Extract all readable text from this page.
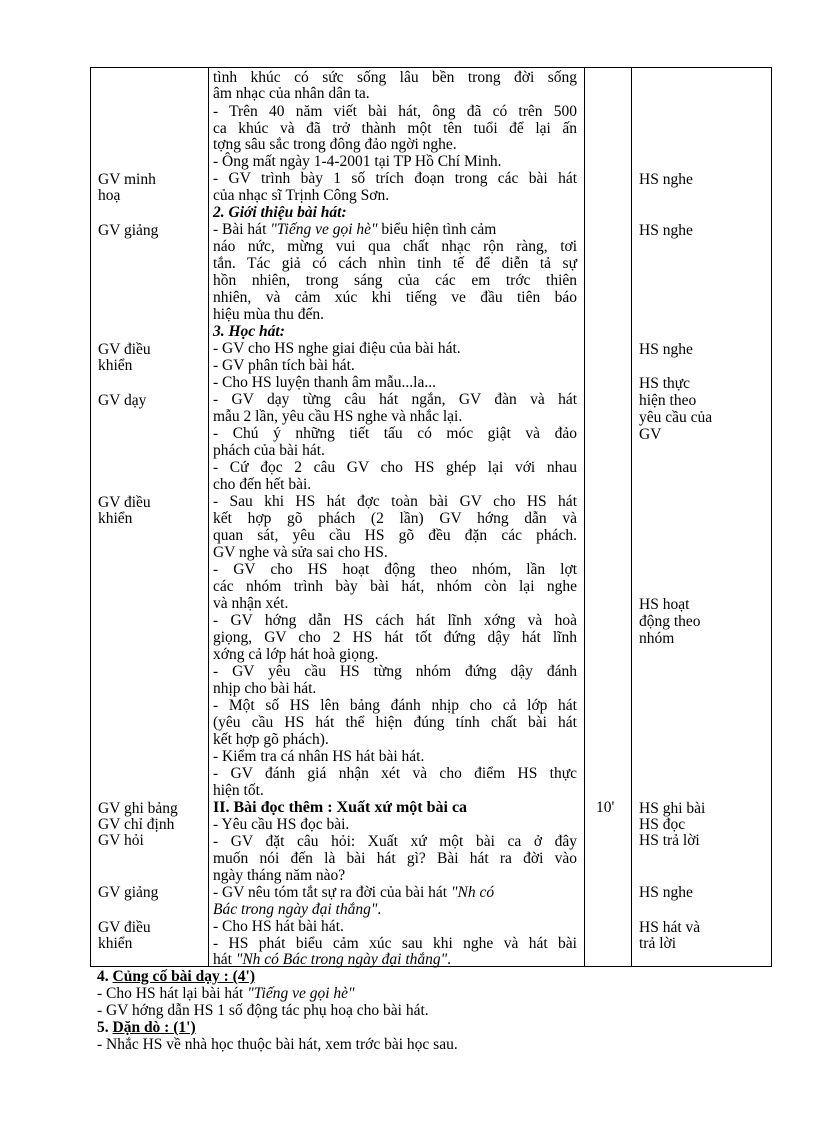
GV minh
hoạ
GV giảng
GV điều
khiển
GV dạy
GV điều
khiển
GV ghi bảng
GV chỉ định
GV hỏi
GV giảng
GV điều
khiển
tình khúc có sức sống lâu bền trong đời sống
âm nhạc của nhân dân ta.
- Trên 40 năm viết bài hát, ông đã có trên 500
ca khúc và đã trở thành một tên tuổi để lại ấn
tợng sâu sắc trong đông đảo ngời nghe.
- Ông mất ngày 1-4-2001 tại TP Hồ Chí Minh.
- GV trình bày 1 số trích đoạn trong các bài hát
của nhạc sĩ Trịnh Công Sơn.
2. Giới thiệu bài hát:
- Bài hát "Tiếng ve gọi hè" biểu hiện tình cảm
náo nức, mừng vui qua chất nhạc rộn ràng, tơi
tắn. Tác giả có cách nhìn tinh tế để diễn tả sự
hồn nhiên, trong sáng của các em trớc thiên
nhiên, và cảm xúc khi tiếng ve đầu tiên báo
hiệu mùa thu đến.
3. Học hát:
- GV cho HS nghe giai điệu của bài hát.
- GV phân tích bài hát.
- Cho HS luyện thanh âm mẫu...la...
- GV dạy từng câu hát ngắn, GV đàn và hát
mẫu 2 lần, yêu cầu HS nghe và nhắc lại.
- Chú ý những tiết tấu có móc giật và đảo
phách của bài hát.
- Cứ đọc 2 câu GV cho HS ghép lại với nhau
cho đến hết bài.
- Sau khi HS hát đợc toàn bài GV cho HS hát
kết hợp gõ phách (2 lần) GV hớng dẫn và
quan sát, yêu cầu HS gõ đều đặn các phách.
GV nghe và sửa sai cho HS.
- GV cho HS hoạt động theo nhóm, lần lợt
các nhóm trình bày bài hát, nhóm còn lại nghe
và nhận xét.
- GV hớng dẫn HS cách hát lĩnh xớng và hoà
giọng, GV cho 2 HS hát tốt đứng dậy hát lĩnh
xớng cả lớp hát hoà giọng.
- GV yêu cầu HS từng nhóm đứng dậy đánh
nhịp cho bài hát.
- Một số HS lên bảng đánh nhịp cho cả lớp hát
(yêu cầu HS hát thể hiện đúng tính chất bài hát
kết hợp gõ phách).
- Kiểm tra cá nhân HS hát bài hát.
- GV đánh giá nhận xét và cho điểm HS thực
hiện tốt.
II. Bài đọc thêm : Xuất xứ một bài ca
- Yêu cầu HS đọc bài.
- GV đặt câu hỏi: Xuất xứ một bài ca ở đây
muốn nói đến là bài hát gì? Bài hát ra đời vào
ngày tháng năm nào?
- GV nêu tóm tắt sự ra đời của bài hát "Nh có
Bác trong ngày đại thắng".
- Cho HS hát bài hát.
- HS phát biểu cảm xúc sau khi nghe và hát bài
hát "Nh có Bác trong ngày đại thắng".
10'
HS nghe
HS nghe
HS nghe
HS thực
hiện theo
yêu cầu của
GV
HS hoạt
động theo
nhóm
HS ghi bài
HS đọc
HS trả lời
HS nghe
HS hát và
trả lời
4. Củng cố bài dạy : (4')
- Cho HS hát lại bài hát "Tiếng ve gọi hè"
- GV hớng dẫn HS 1 số động tác phụ hoạ cho bài hát.
5. Dặn dò : (1')
- Nhắc HS về nhà học thuộc bài hát, xem trớc bài học sau.
